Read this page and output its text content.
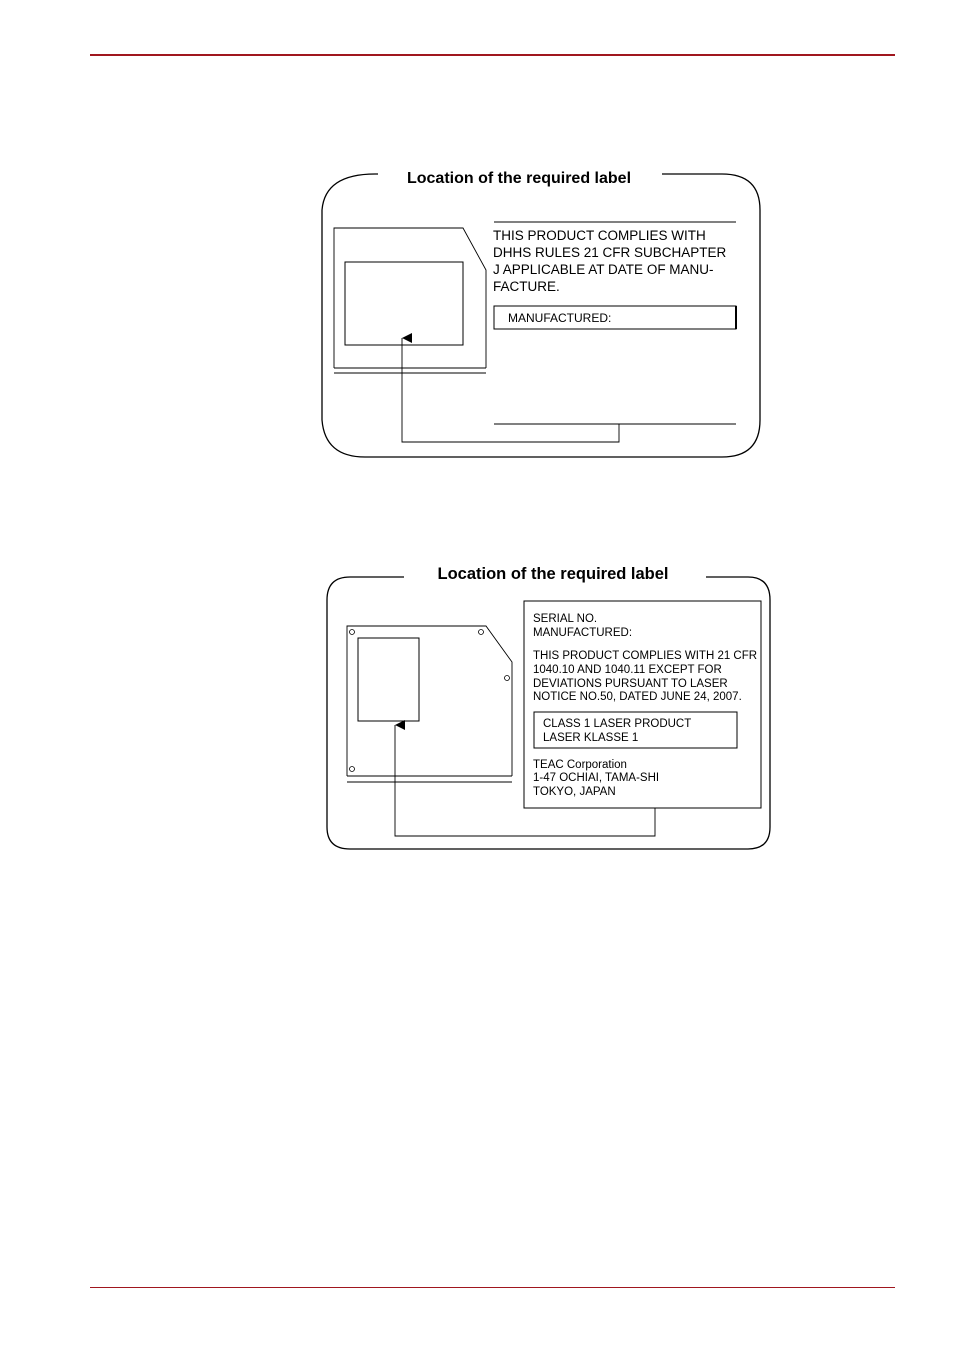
Location of the required label
THIS PRODUCT COMPLIES WITH
DHHS RULES 21 CFR SUBCHAPTER
J APPLICABLE AT DATE OF MANU-
FACTURE.
MANUFACTURED:
Location of the required label
SERIAL NO.
MANUFACTURED:
THIS PRODUCT COMPLIES WITH 21 CFR
1040.10 AND 1040.11 EXCEPT FOR
DEVIATIONS PURSUANT TO LASER
NOTICE NO.50, DATED JUNE 24, 2007.
CLASS 1 LASER PRODUCT
LASER KLASSE 1
TEAC Corporation
1-47 OCHIAI, TAMA-SHI
TOKYO, JAPAN
